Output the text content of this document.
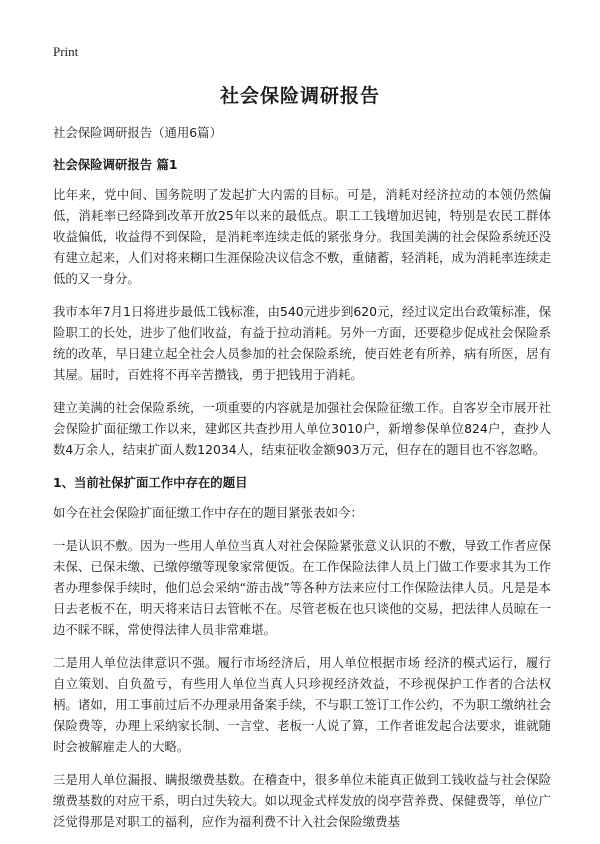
Print
社会保险调研报告

社会保险调研报告（通用6篇）

社会保险调研报告 篇1

比年来，党中间、国务院明了发起扩大内需的目标。可是，消耗对经济拉动的本领仍然偏低，消耗率已经降到改革开放25年以来的最低点。职工工钱增加迟钝，特别是农民工群体收益偏低，收益得不到保险，是消耗率连续走低的紧张身分。我国美满的社会保险系统还没有建立起来，人们对将来糊口生涯保险决议信念不敷，重储蓄，轻消耗，成为消耗率连续走低的又一身分。

我市本年7月1日将进步最低工钱标准，由540元进步到620元，经过议定出台政策标准，保险职工的长处，进步了他们收益，有益于拉动消耗。另外一方面，还要稳步促成社会保险系统的改革，早日建立起全社会人员参加的社会保险系统，使百姓老有所养，病有所医，居有其屋。届时，百姓将不再辛苦攒钱，勇于把钱用于消耗。

建立美满的社会保险系统，一项重要的内容就是加强社会保险征缴工作。自客岁全市展开社会保险扩面征缴工作以来，建邺区共查抄用人单位3010户，新增参保单位824户，查抄人数4万余人，结束扩面人数12034人，结束征收金额903万元，但存在的题目也不容忽略。

1、当前社保扩面工作中存在的题目

如今在社会保险扩面征缴工作中存在的题目紧张表如今：

一是认识不敷。因为一些用人单位当真人对社会保险紧张意义认识的不敷，导致工作者应保未保、已保未缴、已缴停缴等现象家常便饭。在工作保险法律人员上门做工作要求其为工作者办理参保手续时，他们总会采纳“游击战”等各种方法来应付工作保险法律人员。凡是是本日去老板不在，明天将来诘日去管帐不在。尽管老板在也只谈他的交易，把法律人员晾在一边不睬不睬，常使得法律人员非常难堪。

二是用人单位法律意识不强。履行市场经济后，用人单位根据市场 经济的模式运行，履行自立策划、自负盈亏，有些用人单位当真人只珍视经济效益，不珍视保护工作者的合法权柄。诸如，用工事前过后不办理录用备案手续，不与职工签订工作公约，不为职工缴纳社会保险费等，办理上采纳家长制、一言堂、老板一人说了算，工作者谁发起合法要求，谁就随时会被解雇走人的大略。

三是用人单位漏报、瞒报缴费基数。在稽查中，很多单位未能真正做到工钱收益与社会保险缴费基数的对应干系，明白过失较大。如以现金式样发放的岗亭营养费、保健费等，单位广泛觉得那是对职工的福利，应作为福利费不计入社会保险缴费基
